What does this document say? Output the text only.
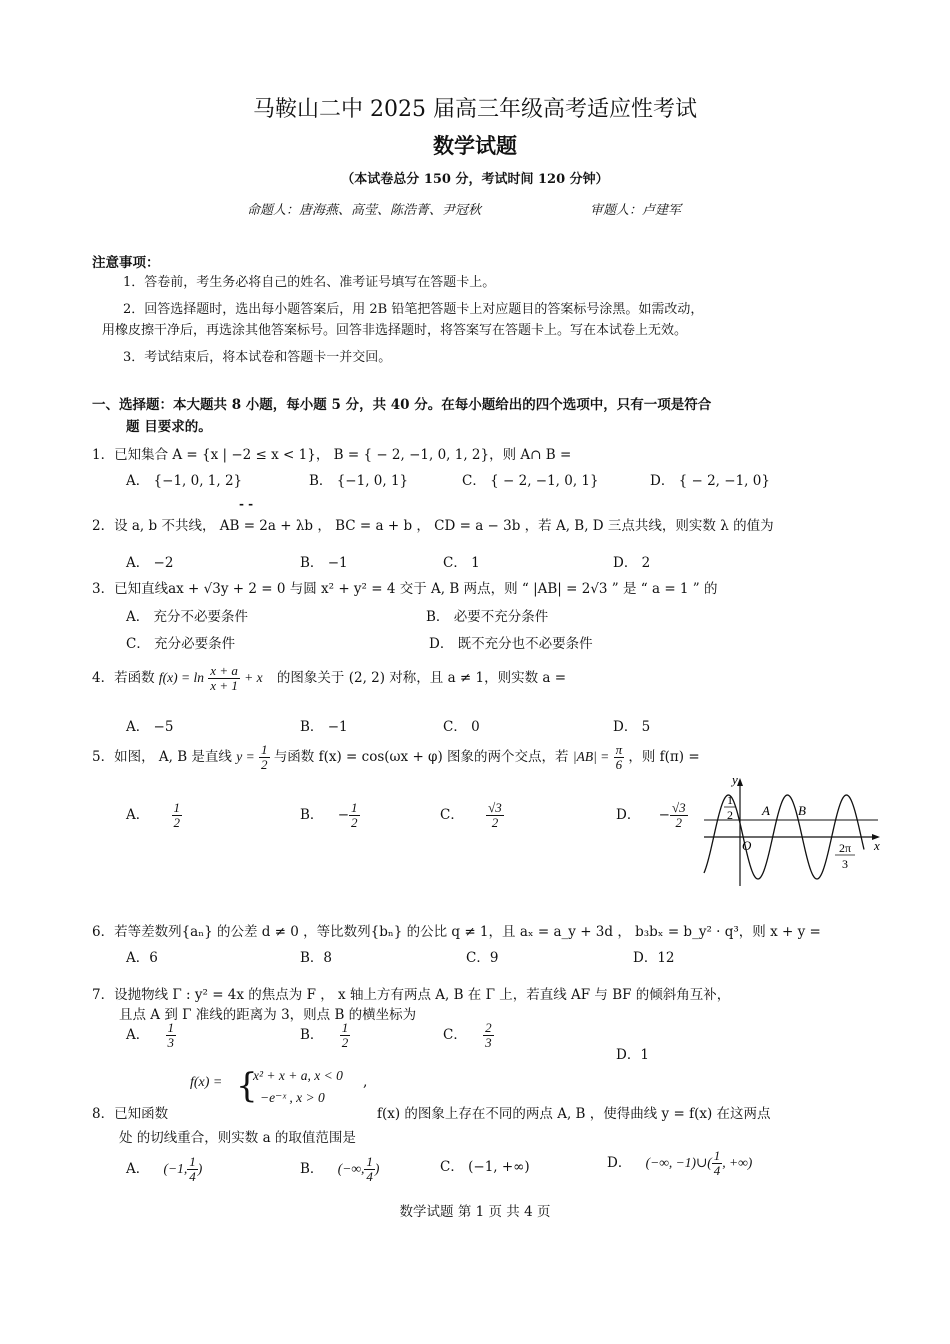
马鞍山二中 2025 届高三年级高考适应性考试
数学试题
（本试卷总分 150 分，考试时间 120 分钟）
命题人：唐海燕、高莹、陈浩菁、尹冠秋	审题人：卢建军
注意事项：
1．答卷前，考生务必将自己的姓名、准考证号填写在答题卡上。
2．回答选择题时，选出每小题答案后，用 2B 铅笔把答题卡上对应题目的答案标号涂黑。如需改动，
用橡皮擦干净后，再选涂其他答案标号。回答非选择题时，将答案写在答题卡上。写在本试卷上无效。
3．考试结束后，将本试卷和答题卡一并交回。
一、选择题：本大题共 8 小题，每小题 5 分，共 40 分。在每小题给出的四个选项中，只有一项是符合
题 目要求的。
1．已知集合 A = {x | −2 ≤ x < 1}， B = { − 2, −1, 0, 1, 2}，则 A∩ B =
A． {−1, 0, 1, 2}	B． {−1, 0, 1}	C． { − 2, −1, 0, 1}	D． { − 2, −1, 0}
2．设 a, b 不共线， AB = 2a + λb ， BC = a + b ， CD = a − 3b ，若 A, B, D 三点共线，则实数 λ 的值为
- -
A． −2	B． −1	C． 1	D． 2
3．已知直线ax + √3y + 2 = 0 与圆 x² + y² = 4 交于 A, B 两点，则 “ |AB| = 2√3 ” 是 “ a = 1 ” 的
A． 充分不必要条件	B． 必要不充分条件
C． 充分必要条件	D． 既不充分也不必要条件
4．若函数 $f(x) = \ln \frac{x + a}{x + 1} + x$ 的图象关于 (2, 2) 对称，且 a ≠ 1，则实数 a =
A． −5	B． −1	C． 0	D． 5
5．如图， A, B 是直线 $y = \frac{1}{2}$ 与函数 f(x) = cos(ωx + φ) 图象的两个交点，若 $|AB| = \frac{\pi}{6}$ ，则 f(π) =
A． $\frac{1}{2}$	B． − $\frac{1}{2}$	C． $\frac{√3}{2}$	D． − $\frac{√3}{2}$
y
x
O
A B
1
2
2π
3
6．若等差数列{aₙ} 的公差 d ≠ 0 ，等比数列{bₙ} 的公比 q ≠ 1，且 aₓ = a_y + 3d ， b₃bₓ = b_y² · q³，则 x + y =
A．6	B．8	C．9	D．12
7．设抛物线 Γ : y² = 4x 的焦点为 F ， x 轴上方有两点 A, B 在 Γ 上，若直线 AF 与 BF 的倾斜角互补，
且点 A 到 Γ 准线的距离为 3，则点 B 的横坐标为
A． $\frac{1}{3}$	B． $\frac{1}{2}$	C． $\frac{2}{3}$
D．1
f(x) = {
x² + x + a, x < 0
−e⁻ˣ , x > 0
,
8．已知函数	f(x) 的图象上存在不同的两点 A, B ，使得曲线 y = f(x) 在这两点
处 的切线重合，则实数 a 的取值范围是
A． (−1, $\frac{1}{4}$ )	B． (−∞, $\frac{1}{4}$ )	C． (−1, +∞)	D． (−∞, −1)∪( $\frac{1}{4}$ , +∞)
数学试题 第 1 页 共 4 页
